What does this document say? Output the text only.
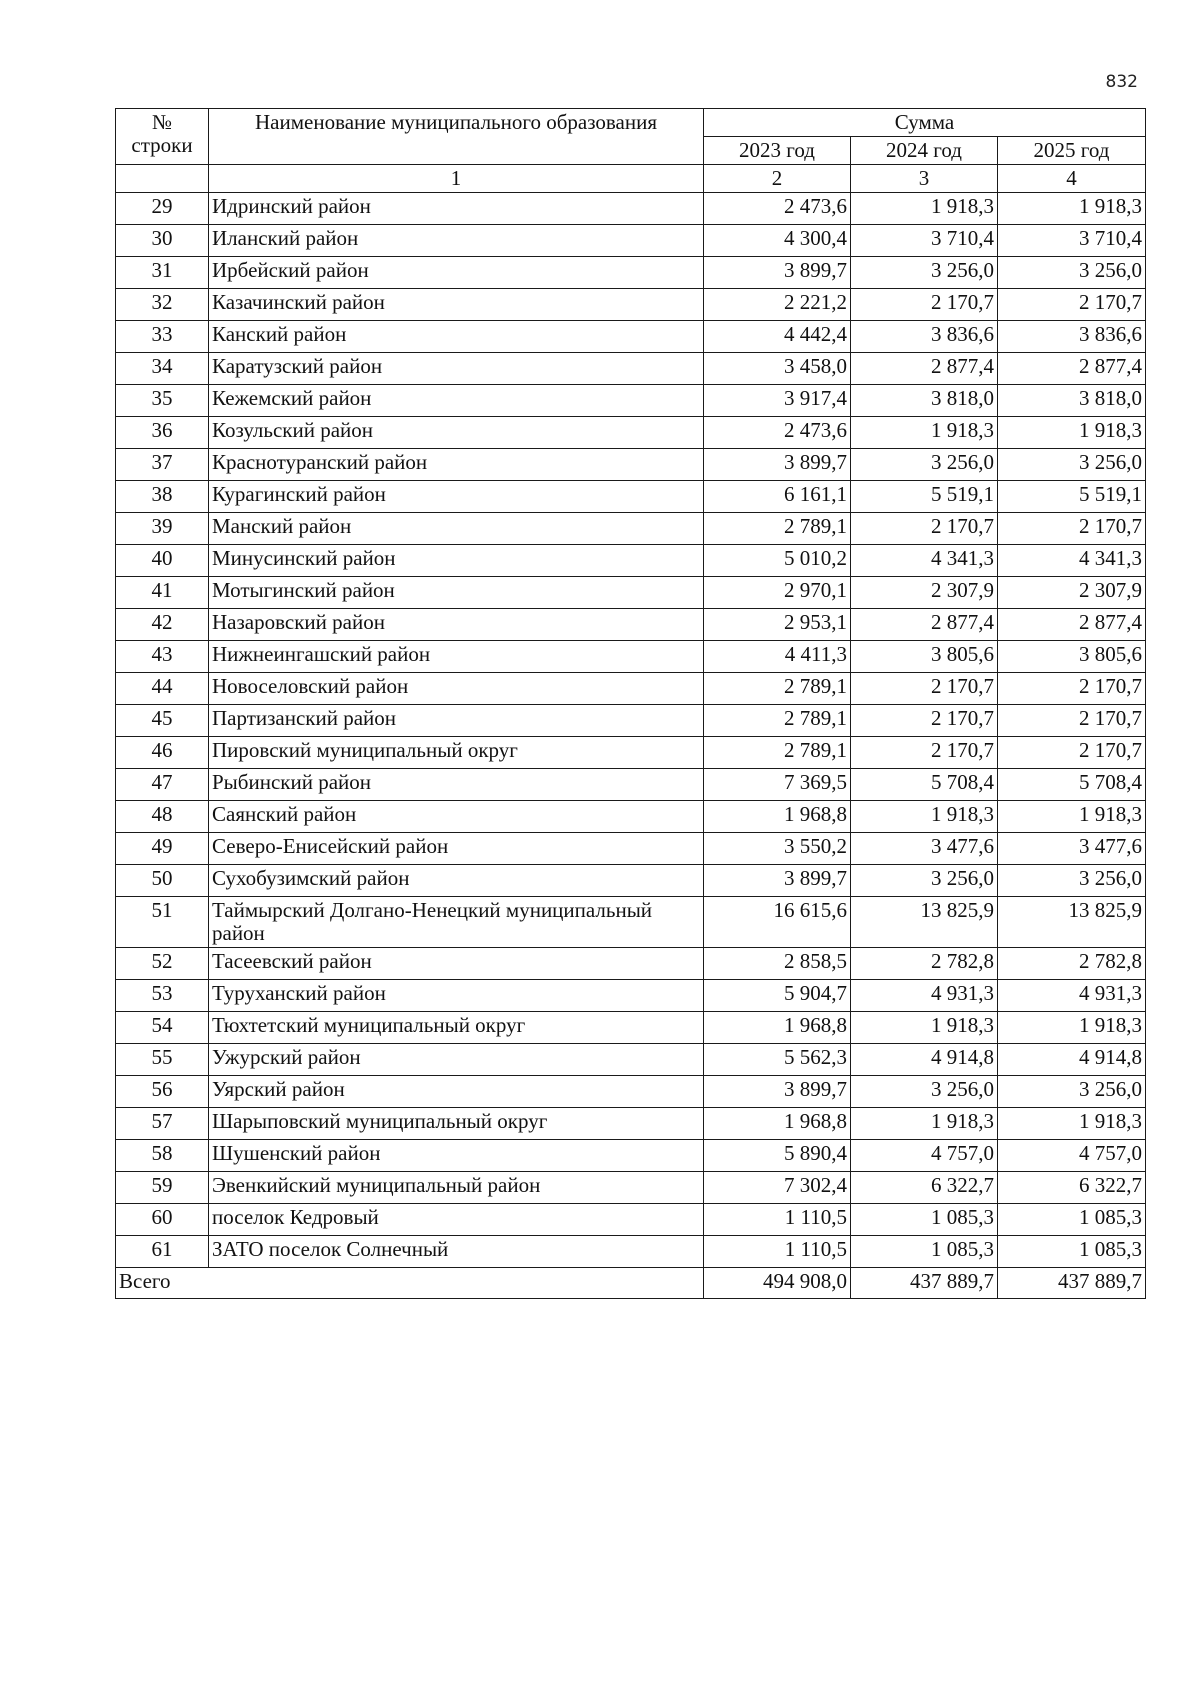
832
№
строки	Наименование муниципального образования	Сумма		
		2023 год	2024 год	2025 год
	1	2	3	4
29	Идринский район	2 473,6	1 918,3	1 918,3
30	Иланский район	4 300,4	3 710,4	3 710,4
31	Ирбейский район	3 899,7	3 256,0	3 256,0
32	Казачинский район	2 221,2	2 170,7	2 170,7
33	Канский район	4 442,4	3 836,6	3 836,6
34	Каратузский район	3 458,0	2 877,4	2 877,4
35	Кежемский район	3 917,4	3 818,0	3 818,0
36	Козульский район	2 473,6	1 918,3	1 918,3
37	Краснотуранский район	3 899,7	3 256,0	3 256,0
38	Курагинский район	6 161,1	5 519,1	5 519,1
39	Манский район	2 789,1	2 170,7	2 170,7
40	Минусинский район	5 010,2	4 341,3	4 341,3
41	Мотыгинский район	2 970,1	2 307,9	2 307,9
42	Назаровский район	2 953,1	2 877,4	2 877,4
43	Нижнеингашский район	4 411,3	3 805,6	3 805,6
44	Новоселовский район	2 789,1	2 170,7	2 170,7
45	Партизанский район	2 789,1	2 170,7	2 170,7
46	Пировский муниципальный округ	2 789,1	2 170,7	2 170,7
47	Рыбинский район	7 369,5	5 708,4	5 708,4
48	Саянский район	1 968,8	1 918,3	1 918,3
49	Северо-Енисейский район	3 550,2	3 477,6	3 477,6
50	Сухобузимский район	3 899,7	3 256,0	3 256,0
51	Таймырский Долгано-Ненецкий муниципальный район	16 615,6	13 825,9	13 825,9
52	Тасеевский район	2 858,5	2 782,8	2 782,8
53	Туруханский район	5 904,7	4 931,3	4 931,3
54	Тюхтетский муниципальный округ	1 968,8	1 918,3	1 918,3
55	Ужурский район	5 562,3	4 914,8	4 914,8
56	Уярский район	3 899,7	3 256,0	3 256,0
57	Шарыповский муниципальный округ	1 968,8	1 918,3	1 918,3
58	Шушенский район	5 890,4	4 757,0	4 757,0
59	Эвенкийский муниципальный район	7 302,4	6 322,7	6 322,7
60	поселок Кедровый	1 110,5	1 085,3	1 085,3
61	ЗАТО поселок Солнечный	1 110,5	1 085,3	1 085,3
Всего		494 908,0	437 889,7	437 889,7
